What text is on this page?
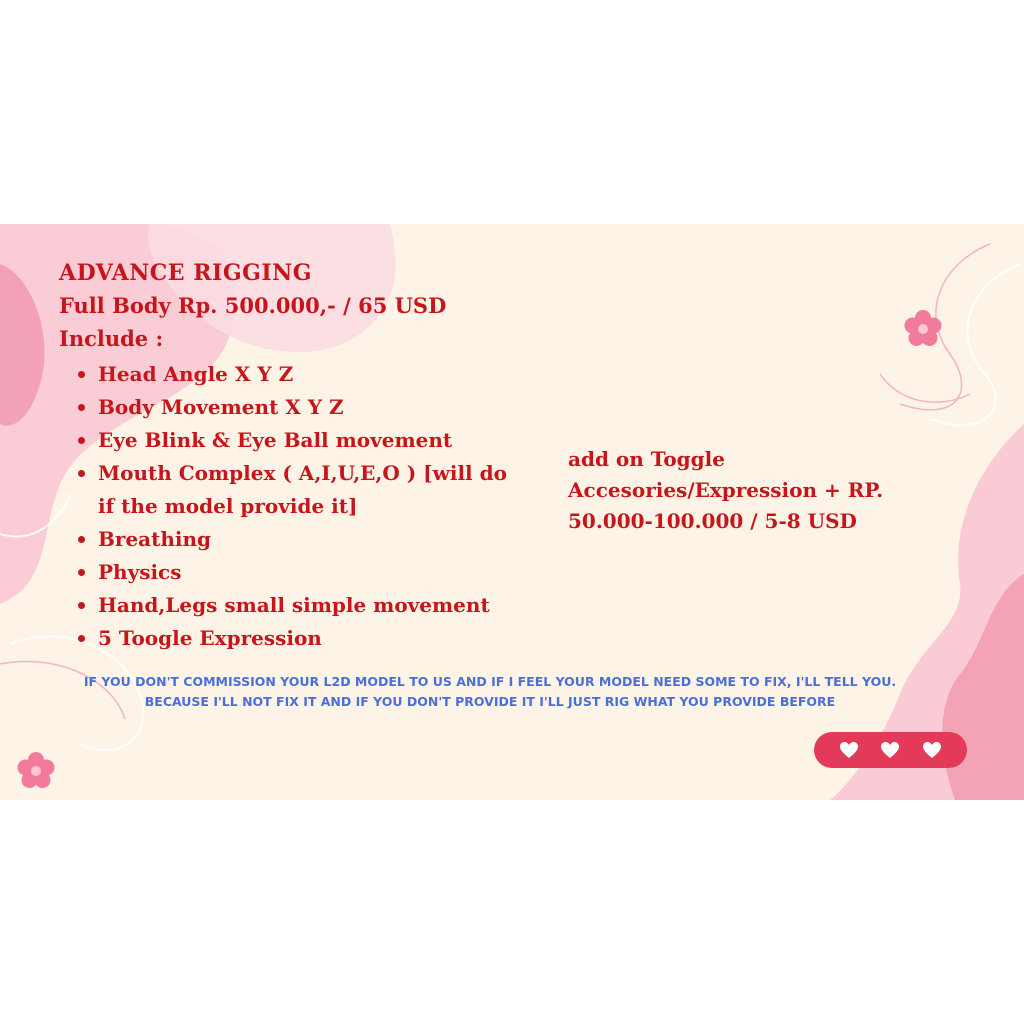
ADVANCE RIGGING
Full Body Rp. 500.000,- / 65 USD
Include :
Head Angle X Y Z
Body Movement X Y Z
Eye Blink & Eye Ball movement
Mouth Complex ( A,I,U,E,O ) [will do if the model provide it]
Breathing
Physics
Hand,Legs small simple movement
5 Toogle Expression
add on Toggle
Accesories/Expression + RP.
50.000-100.000 / 5-8 USD
IF YOU DON'T COMMISSION YOUR L2D MODEL TO US AND IF I FEEL YOUR MODEL NEED SOME TO FIX, I'LL TELL YOU.
BECAUSE I'LL NOT FIX IT AND IF YOU DON'T PROVIDE IT I'LL JUST RIG WHAT YOU PROVIDE BEFORE
